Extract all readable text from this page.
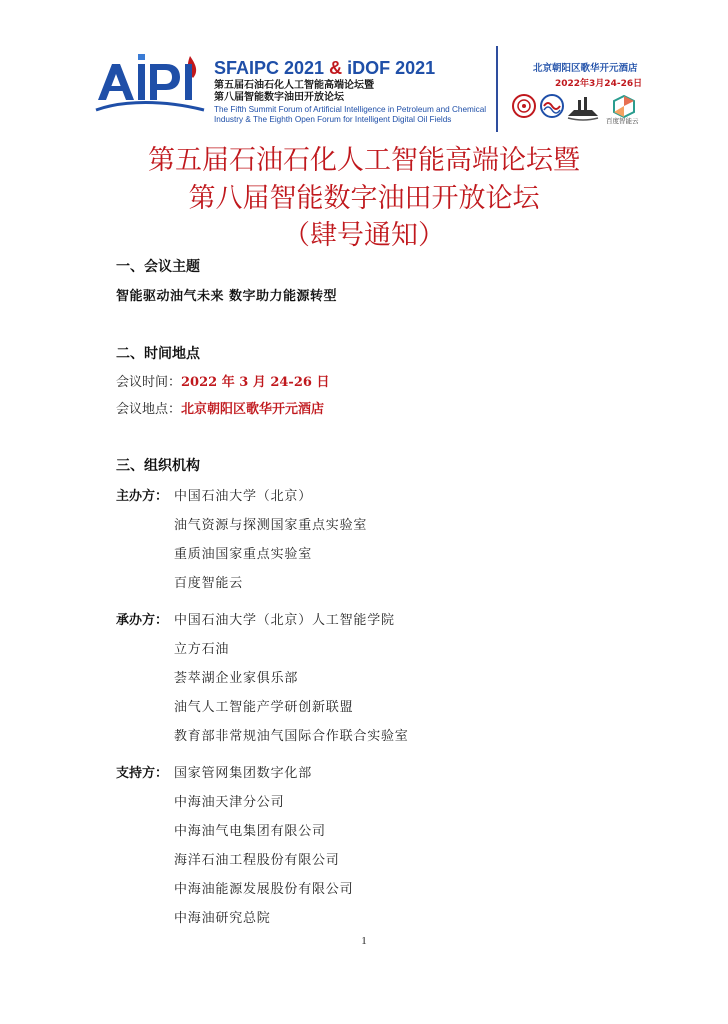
SFAIPC 2021 & iDOF 2021
第五届石油石化人工智能高端论坛暨
第八届智能数字油田开放论坛
The Fifth Summit Forum of Artificial Intelligence in Petroleum and Chemical
Industry & The Eighth Open Forum for Intelligent Digital Oil Fields
北京朝阳区歌华开元酒店
2022年3月24-26日
百度智能云
第五届石油石化人工智能高端论坛暨
第八届智能数字油田开放论坛
（肆号通知）
一、会议主题
智能驱动油气未来 数字助力能源转型
二、时间地点
会议时间：2022 年 3 月 24-26 日
会议地点：北京朝阳区歌华开元酒店
三、组织机构
主办方： 中国石油大学（北京）
油气资源与探测国家重点实验室
重质油国家重点实验室
百度智能云
承办方： 中国石油大学（北京）人工智能学院
立方石油
荟萃湖企业家俱乐部
油气人工智能产学研创新联盟
教育部非常规油气国际合作联合实验室
支持方： 国家管网集团数字化部
中海油天津分公司
中海油气电集团有限公司
海洋石油工程股份有限公司
中海油能源发展股份有限公司
中海油研究总院
1
